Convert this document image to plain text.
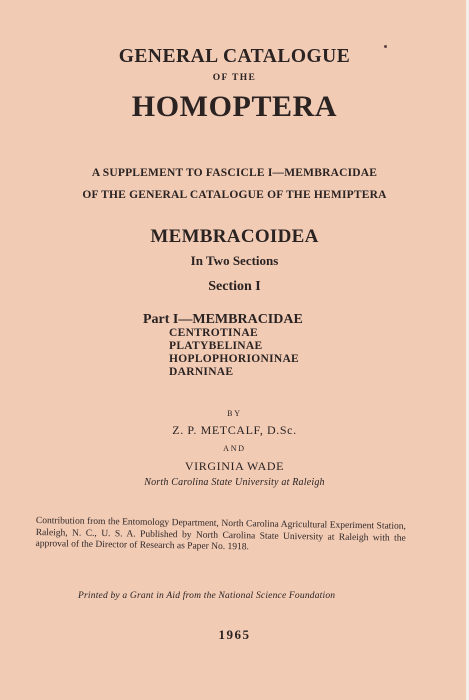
GENERAL CATALOGUE
OF THE
HOMOPTERA
A SUPPLEMENT TO FASCICLE I—MEMBRACIDAE
OF THE GENERAL CATALOGUE OF THE HEMIPTERA
MEMBRACOIDEA
In Two Sections
Section I
Part I—MEMBRACIDAE
CENTROTINAE
PLATYBELINAE
HOPLOPHORIONINAE
DARNINAE
BY
Z. P. METCALF, D.Sc.
AND
VIRGINIA WADE
North Carolina State University at Raleigh
Contribution from the Entomology Department, North Carolina Agricultural Experiment Station, Raleigh, N. C., U. S. A. Published by North Carolina State University at Raleigh with the approval of the Director of Research as Paper No. 1918.
Printed by a Grant in Aid from the National Science Foundation
1965
